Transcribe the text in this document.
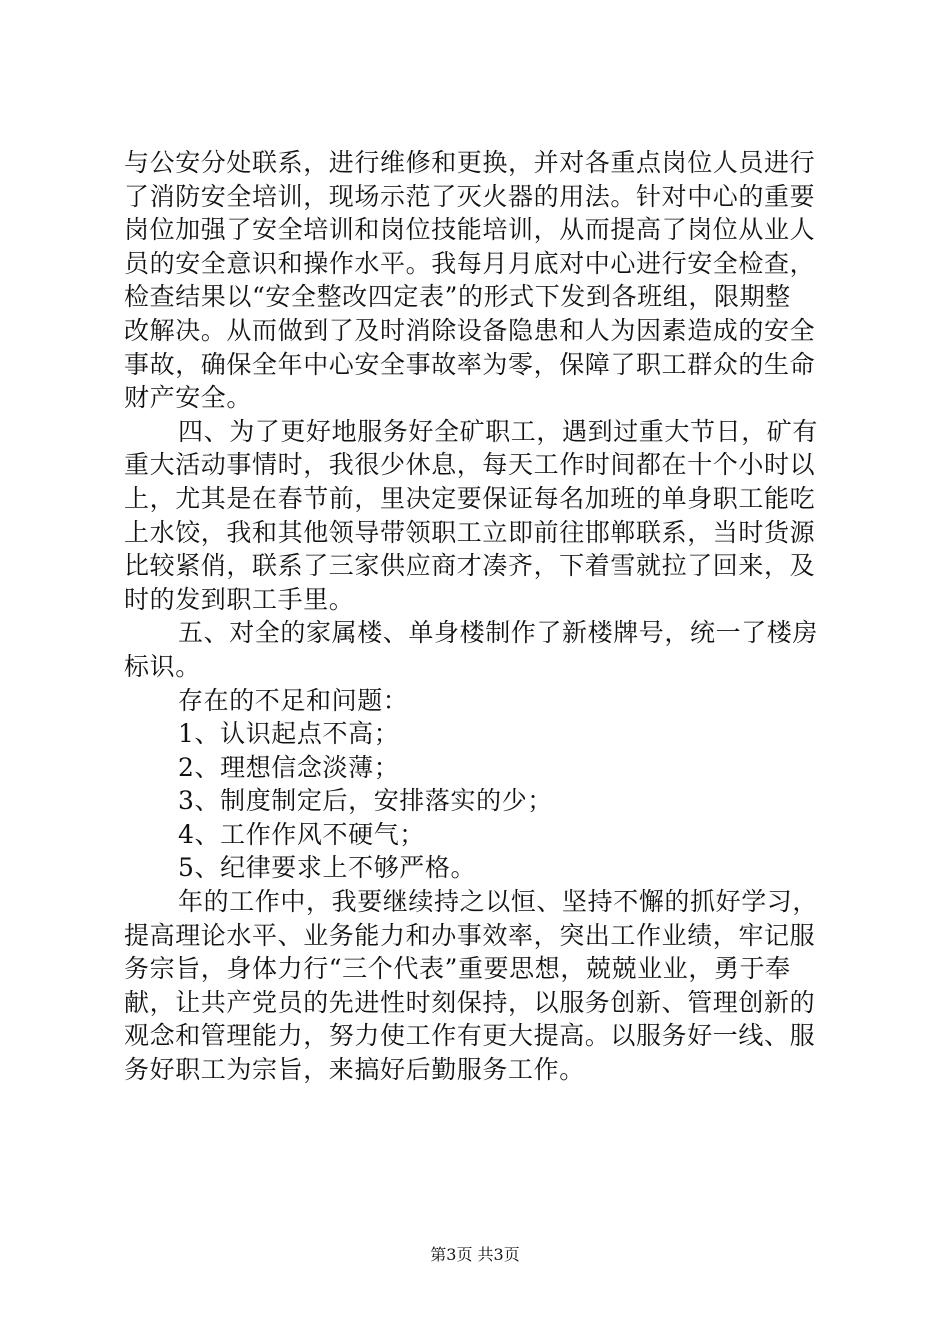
与公安分处联系，进行维修和更换，并对各重点岗位人员进行
了消防安全培训，现场示范了灭火器的用法。针对中心的重要
岗位加强了安全培训和岗位技能培训，从而提高了岗位从业人
员的安全意识和操作水平。我每月月底对中心进行安全检查，
检查结果以“安全整改四定表”的形式下发到各班组，限期整
改解决。从而做到了及时消除设备隐患和人为因素造成的安全
事故，确保全年中心安全事故率为零，保障了职工群众的生命
财产安全。
四、为了更好地服务好全矿职工，遇到过重大节日，矿有
重大活动事情时，我很少休息，每天工作时间都在十个小时以
上，尤其是在春节前，里决定要保证每名加班的单身职工能吃
上水饺，我和其他领导带领职工立即前往邯郸联系，当时货源
比较紧俏，联系了三家供应商才凑齐，下着雪就拉了回来，及
时的发到职工手里。
五、对全的家属楼、单身楼制作了新楼牌号，统一了楼房
标识。
存在的不足和问题：
1、认识起点不高；
2、理想信念淡薄；
3、制度制定后，安排落实的少；
4、工作作风不硬气；
5、纪律要求上不够严格。
年的工作中，我要继续持之以恒、坚持不懈的抓好学习，
提高理论水平、业务能力和办事效率，突出工作业绩，牢记服
务宗旨，身体力行“三个代表”重要思想，兢兢业业，勇于奉
献，让共产党员的先进性时刻保持，以服务创新、管理创新的
观念和管理能力，努力使工作有更大提高。以服务好一线、服
务好职工为宗旨，来搞好后勤服务工作。
第3页 共3页
